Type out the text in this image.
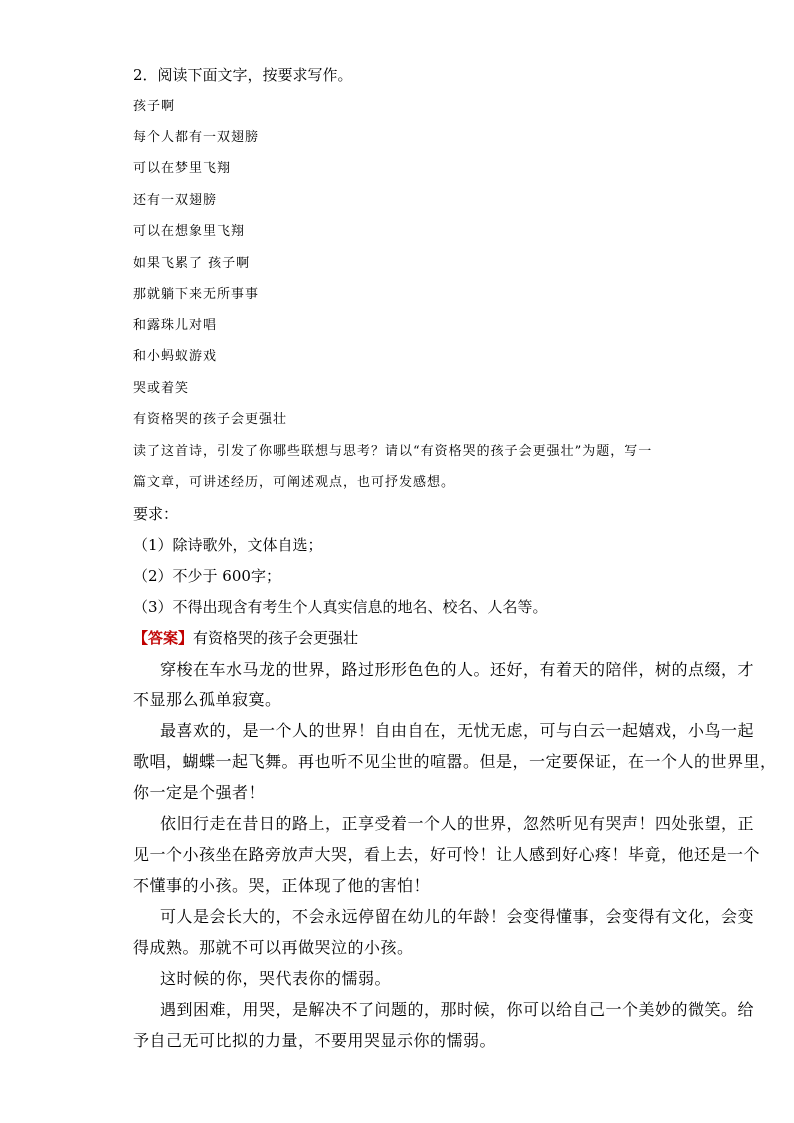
2．阅读下面文字，按要求写作。
孩子啊
每个人都有一双翅膀
可以在梦里飞翔
还有一双翅膀
可以在想象里飞翔
如果飞累了 孩子啊
那就躺下来无所事事
和露珠儿对唱
和小蚂蚁游戏
哭或着笑
有资格哭的孩子会更强壮
读了这首诗，引发了你哪些联想与思考？请以“有资格哭的孩子会更强壮”为题，写一
篇文章，可讲述经历，可阐述观点，也可抒发感想。
要求：
（1）除诗歌外，文体自选；
（2）不少于 600字；
（3）不得出现含有考生个人真实信息的地名、校名、人名等。
【答案】有资格哭的孩子会更强壮
穿梭在车水马龙的世界，路过形形色色的人。还好，有着天的陪伴，树的点缀，才
不显那么孤单寂寞。
最喜欢的，是一个人的世界！自由自在，无忧无虑，可与白云一起嬉戏，小鸟一起
歌唱，蝴蝶一起飞舞。再也听不见尘世的喧嚣。但是，一定要保证，在一个人的世界里，
你一定是个强者！
依旧行走在昔日的路上，正享受着一个人的世界，忽然听见有哭声！四处张望，正
见一个小孩坐在路旁放声大哭，看上去，好可怜！让人感到好心疼！毕竟，他还是一个
不懂事的小孩。哭，正体现了他的害怕！
可人是会长大的，不会永远停留在幼儿的年龄！会变得懂事，会变得有文化，会变
得成熟。那就不可以再做哭泣的小孩。
这时候的你，哭代表你的懦弱。
遇到困难，用哭，是解决不了问题的，那时候，你可以给自己一个美妙的微笑。给
予自己无可比拟的力量，不要用哭显示你的懦弱。
